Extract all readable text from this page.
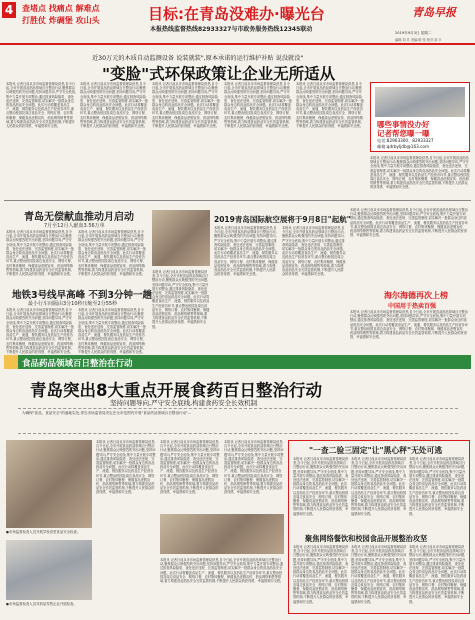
4	查堵点 找痛点 解难点
打胜仗 炸碉堡 攻山头	目标:在青岛没难办·曝光台	青岛早报
本报热线监督热线82933327与市政务服务热线12345联动	2019年9月3日 星期二
编辑:刘 苏 美编:陈 张 校对:刘 平
近30万元的木质自动监测设备 说装就装",原本承诺的运行维护补贴 说没就没"
"变脸"式环保政策让企业无所适从
本报讯 记者日前从市市场监督管理局获悉,自今日起,全市开展食品药品领域百日整治行动,聚焦群众反映强烈的突出问题,坚持问题导向,严守安全底线,集中力量开展专项整治,通过排查风险隐患、查处违法违规、完善监管制度,切实解决一批群众身边的食品药品安全问题。此次行动将覆盖食品生产、流通、餐饮服务以及药品生产经营各环节,重点整治校园及周边食品安全、网络订餐、农村集体聚餐、保健食品虚假宣传、药品网络销售等领域,着力构建食品药品安全长效监管机制,不断提升人民群众的获得感、幸福感和安全感。
本报讯 记者日前从市市场监督管理局获悉,自今日起,全市开展食品药品领域百日整治行动,聚焦群众反映强烈的突出问题,坚持问题导向,严守安全底线,集中力量开展专项整治,通过排查风险隐患、查处违法违规、完善监管制度,切实解决一批群众身边的食品药品安全问题。此次行动将覆盖食品生产、流通、餐饮服务以及药品生产经营各环节,重点整治校园及周边食品安全、网络订餐、农村集体聚餐、保健食品虚假宣传、药品网络销售等领域,着力构建食品药品安全长效监管机制,不断提升人民群众的获得感、幸福感和安全感。
本报讯 记者日前从市市场监督管理局获悉,自今日起,全市开展食品药品领域百日整治行动,聚焦群众反映强烈的突出问题,坚持问题导向,严守安全底线,集中力量开展专项整治,通过排查风险隐患、查处违法违规、完善监管制度,切实解决一批群众身边的食品药品安全问题。此次行动将覆盖食品生产、流通、餐饮服务以及药品生产经营各环节,重点整治校园及周边食品安全、网络订餐、农村集体聚餐、保健食品虚假宣传、药品网络销售等领域,着力构建食品药品安全长效监管机制,不断提升人民群众的获得感、幸福感和安全感。
本报讯 记者日前从市市场监督管理局获悉,自今日起,全市开展食品药品领域百日整治行动,聚焦群众反映强烈的突出问题,坚持问题导向,严守安全底线,集中力量开展专项整治,通过排查风险隐患、查处违法违规、完善监管制度,切实解决一批群众身边的食品药品安全问题。此次行动将覆盖食品生产、流通、餐饮服务以及药品生产经营各环节,重点整治校园及周边食品安全、网络订餐、农村集体聚餐、保健食品虚假宣传、药品网络销售等领域,着力构建食品药品安全长效监管机制,不断提升人民群众的获得感、幸福感和安全感。
本报讯 记者日前从市市场监督管理局获悉,自今日起,全市开展食品药品领域百日整治行动,聚焦群众反映强烈的突出问题,坚持问题导向,严守安全底线,集中力量开展专项整治,通过排查风险隐患、查处违法违规、完善监管制度,切实解决一批群众身边的食品药品安全问题。此次行动将覆盖食品生产、流通、餐饮服务以及药品生产经营各环节,重点整治校园及周边食品安全、网络订餐、农村集体聚餐、保健食品虚假宣传、药品网络销售等领域,着力构建食品药品安全长效监管机制,不断提升人民群众的获得感、幸福感和安全感。 哪些事情没办好
记者帮您曝一曝
电话:82963300、82933327
邮箱:qdrbyljdb@163.com
本报讯 记者日前从市市场监督管理局获悉,自今日起,全市开展食品药品领域百日整治行动,聚焦群众反映强烈的突出问题,坚持问题导向,严守安全底线,集中力量开展专项整治,通过排查风险隐患、查处违法违规、完善监管制度,切实解决一批群众身边的食品药品安全问题。此次行动将覆盖食品生产、流通、餐饮服务以及药品生产经营各环节,重点整治校园及周边食品安全、网络订餐、农村集体聚餐、保健食品虚假宣传、药品网络销售等领域,着力构建食品药品安全长效监管机制,不断提升人民群众的获得感、幸福感和安全感。
青岛无偿献血推动月启动
7月至12月人献血3.56万单
本报讯 记者日前从市市场监督管理局获悉,自今日起,全市开展食品药品领域百日整治行动,聚焦群众反映强烈的突出问题,坚持问题导向,严守安全底线,集中力量开展专项整治,通过排查风险隐患、查处违法违规、完善监管制度,切实解决一批群众身边的食品药品安全问题。此次行动将覆盖食品生产、流通、餐饮服务以及药品生产经营各环节,重点整治校园及周边食品安全、网络订餐、农村集体聚餐、保健食品虚假宣传、药品网络销售等领域,着力构建食品药品安全长效监管机制,不断提升人民群众的获得感、幸福感和安全感。
本报讯 记者日前从市市场监督管理局获悉,自今日起,全市开展食品药品领域百日整治行动,聚焦群众反映强烈的突出问题,坚持问题导向,严守安全底线,集中力量开展专项整治,通过排查风险隐患、查处违法违规、完善监管制度,切实解决一批群众身边的食品药品安全问题。此次行动将覆盖食品生产、流通、餐饮服务以及药品生产经营各环节,重点整治校园及周边食品安全、网络订餐、农村集体聚餐、保健食品虚假宣传、药品网络销售等领域,着力构建食品药品安全长效监管机制,不断提升人民群众的获得感、幸福感和安全感。
地铁3号线早高峰 不到3分钟一趟
最小行车间隔由3分10秒压缩至2分55秒
本报讯 记者日前从市市场监督管理局获悉,自今日起,全市开展食品药品领域百日整治行动,聚焦群众反映强烈的突出问题,坚持问题导向,严守安全底线,集中力量开展专项整治,通过排查风险隐患、查处违法违规、完善监管制度,切实解决一批群众身边的食品药品安全问题。此次行动将覆盖食品生产、流通、餐饮服务以及药品生产经营各环节,重点整治校园及周边食品安全、网络订餐、农村集体聚餐、保健食品虚假宣传、药品网络销售等领域,着力构建食品药品安全长效监管机制,不断提升人民群众的获得感、幸福感和安全感。
本报讯 记者日前从市市场监督管理局获悉,自今日起,全市开展食品药品领域百日整治行动,聚焦群众反映强烈的突出问题,坚持问题导向,严守安全底线,集中力量开展专项整治,通过排查风险隐患、查处违法违规、完善监管制度,切实解决一批群众身边的食品药品安全问题。此次行动将覆盖食品生产、流通、餐饮服务以及药品生产经营各环节,重点整治校园及周边食品安全、网络订餐、农村集体聚餐、保健食品虚假宣传、药品网络销售等领域,着力构建食品药品安全长效监管机制,不断提升人民群众的获得感、幸福感和安全感。
本报讯 记者日前从市市场监督管理局获悉,自今日起,全市开展食品药品领域百日整治行动,聚焦群众反映强烈的突出问题,坚持问题导向,严守安全底线,集中力量开展专项整治,通过排查风险隐患、查处违法违规、完善监管制度,切实解决一批群众身边的食品药品安全问题。此次行动将覆盖食品生产、流通、餐饮服务以及药品生产经营各环节,重点整治校园及周边食品安全、网络订餐、农村集体聚餐、保健食品虚假宣传、药品网络销售等领域,着力构建食品药品安全长效监管机制,不断提升人民群众的获得感、幸福感和安全感。
2019青岛国际航空展将于9月8日"起航"
本报讯 记者日前从市市场监督管理局获悉,自今日起,全市开展食品药品领域百日整治行动,聚焦群众反映强烈的突出问题,坚持问题导向,严守安全底线,集中力量开展专项整治,通过排查风险隐患、查处违法违规、完善监管制度,切实解决一批群众身边的食品药品安全问题。此次行动将覆盖食品生产、流通、餐饮服务以及药品生产经营各环节,重点整治校园及周边食品安全、网络订餐、农村集体聚餐、保健食品虚假宣传、药品网络销售等领域,着力构建食品药品安全长效监管机制,不断提升人民群众的获得感、幸福感和安全感。
本报讯 记者日前从市市场监督管理局获悉,自今日起,全市开展食品药品领域百日整治行动,聚焦群众反映强烈的突出问题,坚持问题导向,严守安全底线,集中力量开展专项整治,通过排查风险隐患、查处违法违规、完善监管制度,切实解决一批群众身边的食品药品安全问题。此次行动将覆盖食品生产、流通、餐饮服务以及药品生产经营各环节,重点整治校园及周边食品安全、网络订餐、农村集体聚餐、保健食品虚假宣传、药品网络销售等领域,着力构建食品药品安全长效监管机制,不断提升人民群众的获得感、幸福感和安全感。
本报讯 记者日前从市市场监督管理局获悉,自今日起,全市开展食品药品领域百日整治行动,聚焦群众反映强烈的突出问题,坚持问题导向,严守安全底线,集中力量开展专项整治,通过排查风险隐患、查处违法违规、完善监管制度,切实解决一批群众身边的食品药品安全问题。此次行动将覆盖食品生产、流通、餐饮服务以及药品生产经营各环节,重点整治校园及周边食品安全、网络订餐、农村集体聚餐、保健食品虚假宣传、药品网络销售等领域,着力构建食品药品安全长效监管机制,不断提升人民群众的获得感、幸福感和安全感。
海尔海德再次上榜
中国用于热卖百强
本报讯 记者日前从市市场监督管理局获悉,自今日起,全市开展食品药品领域百日整治行动,聚焦群众反映强烈的突出问题,坚持问题导向,严守安全底线,集中力量开展专项整治,通过排查风险隐患、查处违法违规、完善监管制度,切实解决一批群众身边的食品药品安全问题。此次行动将覆盖食品生产、流通、餐饮服务以及药品生产经营各环节,重点整治校园及周边食品安全、网络订餐、农村集体聚餐、保健食品虚假宣传、药品网络销售等领域,着力构建食品药品安全长效监管机制,不断提升人民群众的获得感、幸福感和安全感。
食品药品领域百日整治在行动
青岛突出8大重点开展食药百日整治行动
坚持问题导向,严守安全底线,构建食药安全长效机制
为确保"食品、食品安全"的落地实处,青岛市场监管局决定在全市范围内开展"食品药品领域百日整治行动"…
●市场监督检查人员开展学校食堂食品安全检查。
●市场监督检查人员对药品零售企业开展检查。
本报讯 记者日前从市市场监督管理局获悉,自今日起,全市开展食品药品领域百日整治行动,聚焦群众反映强烈的突出问题,坚持问题导向,严守安全底线,集中力量开展专项整治,通过排查风险隐患、查处违法违规、完善监管制度,切实解决一批群众身边的食品药品安全问题。此次行动将覆盖食品生产、流通、餐饮服务以及药品生产经营各环节,重点整治校园及周边食品安全、网络订餐、农村集体聚餐、保健食品虚假宣传、药品网络销售等领域,着力构建食品药品安全长效监管机制,不断提升人民群众的获得感、幸福感和安全感。
本报讯 记者日前从市市场监督管理局获悉,自今日起,全市开展食品药品领域百日整治行动,聚焦群众反映强烈的突出问题,坚持问题导向,严守安全底线,集中力量开展专项整治,通过排查风险隐患、查处违法违规、完善监管制度,切实解决一批群众身边的食品药品安全问题。此次行动将覆盖食品生产、流通、餐饮服务以及药品生产经营各环节,重点整治校园及周边食品安全、网络订餐、农村集体聚餐、保健食品虚假宣传、药品网络销售等领域,着力构建食品药品安全长效监管机制,不断提升人民群众的获得感、幸福感和安全感。
本报讯 记者日前从市市场监督管理局获悉,自今日起,全市开展食品药品领域百日整治行动,聚焦群众反映强烈的突出问题,坚持问题导向,严守安全底线,集中力量开展专项整治,通过排查风险隐患、查处违法违规、完善监管制度,切实解决一批群众身边的食品药品安全问题。此次行动将覆盖食品生产、流通、餐饮服务以及药品生产经营各环节,重点整治校园及周边食品安全、网络订餐、农村集体聚餐、保健食品虚假宣传、药品网络销售等领域,着力构建食品药品安全长效监管机制,不断提升人民群众的获得感、幸福感和安全感。
本报讯 记者日前从市市场监督管理局获悉,自今日起,全市开展食品药品领域百日整治行动,聚焦群众反映强烈的突出问题,坚持问题导向,严守安全底线,集中力量开展专项整治,通过排查风险隐患、查处违法违规、完善监管制度,切实解决一批群众身边的食品药品安全问题。此次行动将覆盖食品生产、流通、餐饮服务以及药品生产经营各环节,重点整治校园及周边食品安全、网络订餐、农村集体聚餐、保健食品虚假宣传、药品网络销售等领域,着力构建食品药品安全长效监管机制,不断提升人民群众的获得感、幸福感和安全感。
"一查二验三固定"让"黑心秤"无处可逃
本报讯 记者日前从市市场监督管理局获悉,自今日起,全市开展食品药品领域百日整治行动,聚焦群众反映强烈的突出问题,坚持问题导向,严守安全底线,集中力量开展专项整治,通过排查风险隐患、查处违法违规、完善监管制度,切实解决一批群众身边的食品药品安全问题。此次行动将覆盖食品生产、流通、餐饮服务以及药品生产经营各环节,重点整治校园及周边食品安全、网络订餐、农村集体聚餐、保健食品虚假宣传、药品网络销售等领域,着力构建食品药品安全长效监管机制,不断提升人民群众的获得感、幸福感和安全感。
本报讯 记者日前从市市场监督管理局获悉,自今日起,全市开展食品药品领域百日整治行动,聚焦群众反映强烈的突出问题,坚持问题导向,严守安全底线,集中力量开展专项整治,通过排查风险隐患、查处违法违规、完善监管制度,切实解决一批群众身边的食品药品安全问题。此次行动将覆盖食品生产、流通、餐饮服务以及药品生产经营各环节,重点整治校园及周边食品安全、网络订餐、农村集体聚餐、保健食品虚假宣传、药品网络销售等领域,着力构建食品药品安全长效监管机制,不断提升人民群众的获得感、幸福感和安全感。
本报讯 记者日前从市市场监督管理局获悉,自今日起,全市开展食品药品领域百日整治行动,聚焦群众反映强烈的突出问题,坚持问题导向,严守安全底线,集中力量开展专项整治,通过排查风险隐患、查处违法违规、完善监管制度,切实解决一批群众身边的食品药品安全问题。此次行动将覆盖食品生产、流通、餐饮服务以及药品生产经营各环节,重点整治校园及周边食品安全、网络订餐、农村集体聚餐、保健食品虚假宣传、药品网络销售等领域,着力构建食品药品安全长效监管机制,不断提升人民群众的获得感、幸福感和安全感。
聚焦网络餐饮和校园食品开展整治攻坚
本报讯 记者日前从市市场监督管理局获悉,自今日起,全市开展食品药品领域百日整治行动,聚焦群众反映强烈的突出问题,坚持问题导向,严守安全底线,集中力量开展专项整治,通过排查风险隐患、查处违法违规、完善监管制度,切实解决一批群众身边的食品药品安全问题。此次行动将覆盖食品生产、流通、餐饮服务以及药品生产经营各环节,重点整治校园及周边食品安全、网络订餐、农村集体聚餐、保健食品虚假宣传、药品网络销售等领域,着力构建食品药品安全长效监管机制,不断提升人民群众的获得感、幸福感和安全感。
本报讯 记者日前从市市场监督管理局获悉,自今日起,全市开展食品药品领域百日整治行动,聚焦群众反映强烈的突出问题,坚持问题导向,严守安全底线,集中力量开展专项整治,通过排查风险隐患、查处违法违规、完善监管制度,切实解决一批群众身边的食品药品安全问题。此次行动将覆盖食品生产、流通、餐饮服务以及药品生产经营各环节,重点整治校园及周边食品安全、网络订餐、农村集体聚餐、保健食品虚假宣传、药品网络销售等领域,着力构建食品药品安全长效监管机制,不断提升人民群众的获得感、幸福感和安全感。
本报讯 记者日前从市市场监督管理局获悉,自今日起,全市开展食品药品领域百日整治行动,聚焦群众反映强烈的突出问题,坚持问题导向,严守安全底线,集中力量开展专项整治,通过排查风险隐患、查处违法违规、完善监管制度,切实解决一批群众身边的食品药品安全问题。此次行动将覆盖食品生产、流通、餐饮服务以及药品生产经营各环节,重点整治校园及周边食品安全、网络订餐、农村集体聚餐、保健食品虚假宣传、药品网络销售等领域,着力构建食品药品安全长效监管机制,不断提升人民群众的获得感、幸福感和安全感。
